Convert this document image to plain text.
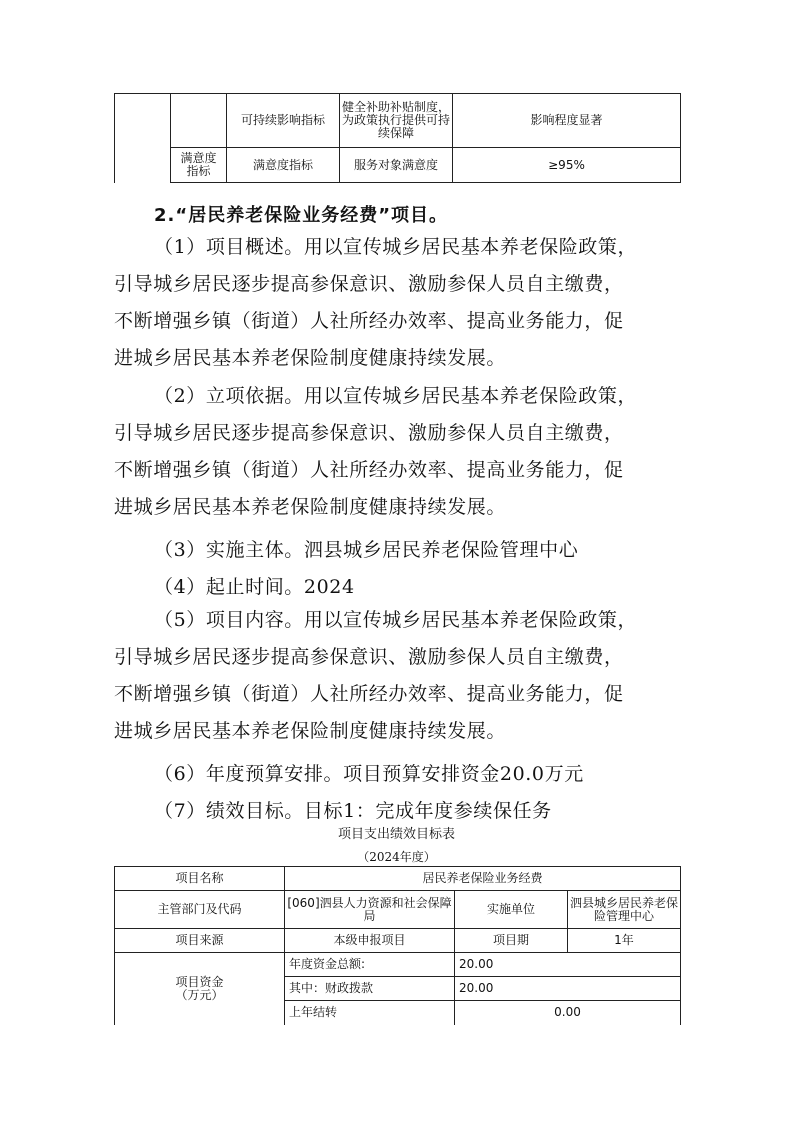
		可持续影响指标	健全补助补贴制度，为政策执行提供可持续保障	影响程度显著
	满意度指标	满意度指标	服务对象满意度	≥95%
2.“居民养老保险业务经费”项目。

（1）项目概述。用以宣传城乡居民基本养老保险政策，
引导城乡居民逐步提高参保意识、激励参保人员自主缴费，
不断增强乡镇（街道）人社所经办效率、提高业务能力，促
进城乡居民基本养老保险制度健康持续发展。

（2）立项依据。用以宣传城乡居民基本养老保险政策，
引导城乡居民逐步提高参保意识、激励参保人员自主缴费，
不断增强乡镇（街道）人社所经办效率、提高业务能力，促
进城乡居民基本养老保险制度健康持续发展。

（3）实施主体。泗县城乡居民养老保险管理中心
（4）起止时间。2024

（5）项目内容。用以宣传城乡居民基本养老保险政策，
引导城乡居民逐步提高参保意识、激励参保人员自主缴费，
不断增强乡镇（街道）人社所经办效率、提高业务能力，促
进城乡居民基本养老保险制度健康持续发展。

（6）年度预算安排。项目预算安排资金20.0万元
（7）绩效目标。目标1：完成年度参续保任务
项目支出绩效目标表
（2024年度）
项目名称	居民养老保险业务经费		
主管部门及代码	[060]泗县人力资源和社会保障局	实施单位	泗县城乡居民养老保险管理中心
项目来源	本级申报项目	项目期	1年

项目资金
（万元）	年度资金总额:	20.00	
	其中：财政拨款	20.00	
	上年结转	0.00	
